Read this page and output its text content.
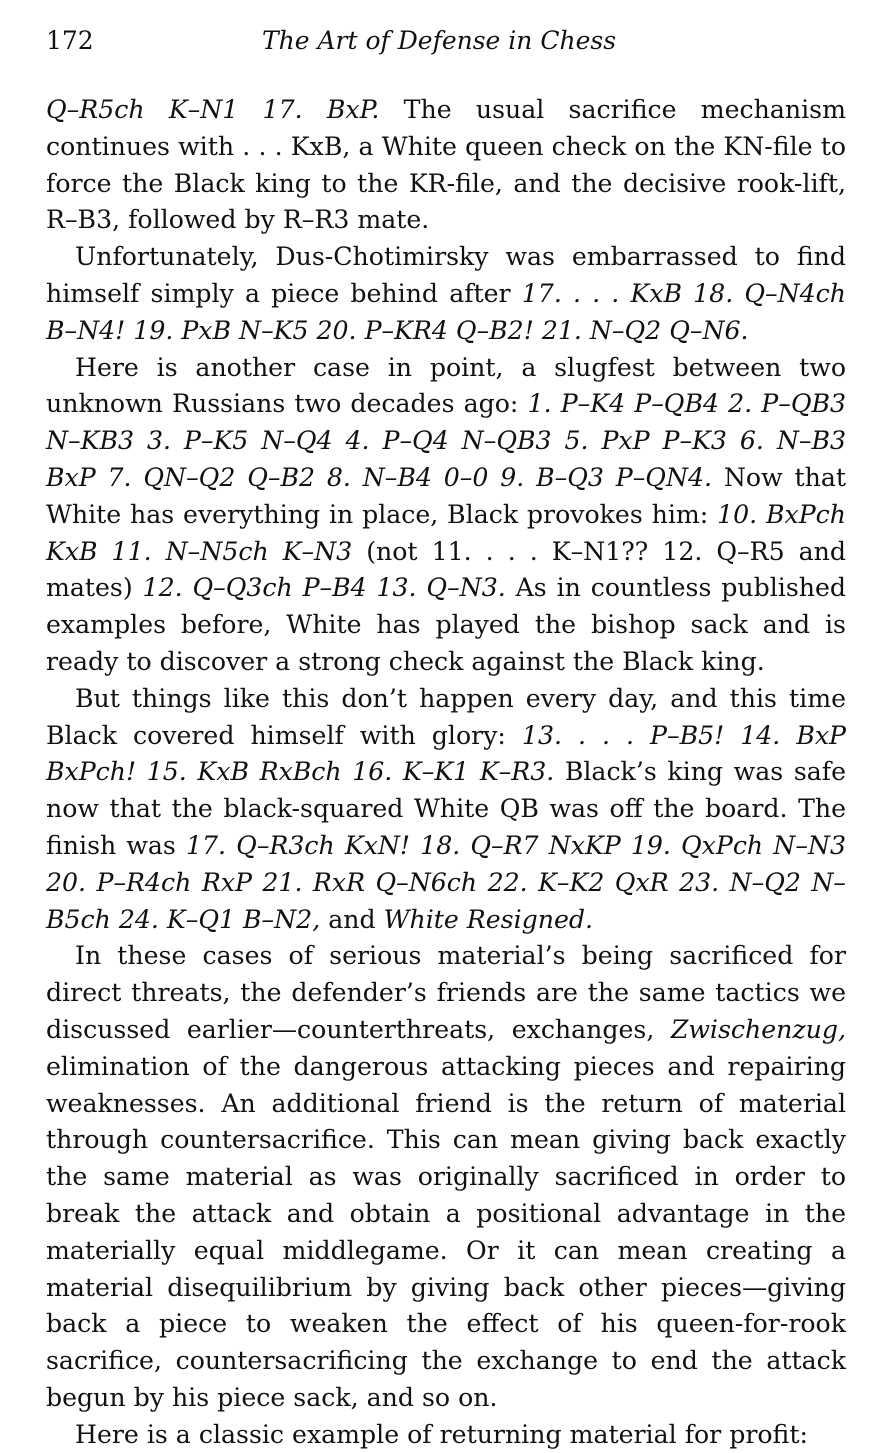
172	The Art of Defense in Chess

Q–R5ch K–N1 17. BxP. The usual sacrifice mechanism continues with . . . KxB, a White queen check on the KN-file to force the Black king to the KR-file, and the decisive rook-lift, R–B3, followed by R–R3 mate.

Unfortunately, Dus-Chotimirsky was embarrassed to find himself simply a piece behind after 17. . . . KxB 18. Q–N4ch B–N4! 19. PxB N–K5 20. P–KR4 Q–B2! 21. N–Q2 Q–N6.

Here is another case in point, a slugfest between two unknown Russians two decades ago: 1. P–K4 P–QB4 2. P–QB3 N–KB3 3. P–K5 N–Q4 4. P–Q4 N–QB3 5. PxP P–K3 6. N–B3 BxP 7. QN–Q2 Q–B2 8. N–B4 0–0 9. B–Q3 P–QN4. Now that White has everything in place, Black provokes him: 10. BxPch KxB 11. N–N5ch K–N3 (not 11. . . . K–N1?? 12. Q–R5 and mates) 12. Q–Q3ch P–B4 13. Q–N3. As in countless published examples before, White has played the bishop sack and is ready to discover a strong check against the Black king.

But things like this don’t happen every day, and this time Black covered himself with glory: 13. . . . P–B5! 14. BxP BxPch! 15. KxB RxBch 16. K–K1 K–R3. Black’s king was safe now that the black-squared White QB was off the board. The finish was 17. Q–R3ch KxN! 18. Q–R7 NxKP 19. QxPch N–N3 20. P–R4ch RxP 21. RxR Q–N6ch 22. K–K2 QxR 23. N–Q2 N–B5ch 24. K–Q1 B–N2, and White Resigned.

In these cases of serious material’s being sacrificed for direct threats, the defender’s friends are the same tactics we discussed earlier—counterthreats, exchanges, Zwischenzug, elimination of the dangerous attacking pieces and repairing weaknesses. An additional friend is the return of material through countersacrifice. This can mean giving back exactly the same material as was originally sacrificed in order to break the attack and obtain a positional advantage in the materially equal middlegame. Or it can mean creating a material disequilibrium by giving back other pieces—giving back a piece to weaken the effect of his queen-for-rook sacrifice, countersacrificing the exchange to end the attack begun by his piece sack, and so on.

Here is a classic example of returning material for profit:
